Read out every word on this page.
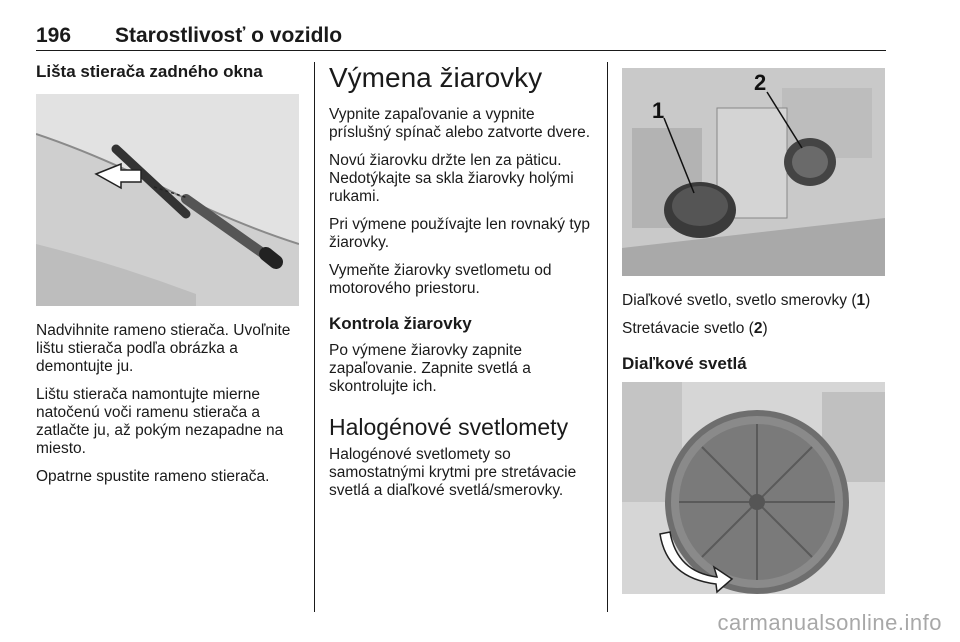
196 Starostlivosť o vozidlo
Lišta stierača zadného okna

Nadvihnite rameno stierača. Uvoľnite lištu stierača podľa obrázka a demontujte ju.

Lištu stierača namontujte mierne natočenú voči ramenu stierača a zatlačte ju, až pokým nezapadne na miesto.

Opatrne spustite rameno stierača.

Výmena žiarovky

Vypnite zapaľovanie a vypnite príslušný spínač alebo zatvorte dvere.

Novú žiarovku držte len za päticu. Nedotýkajte sa skla žiarovky holými rukami.

Pri výmene používajte len rovnaký typ žiarovky.

Vymeňte žiarovky svetlometu od motorového priestoru.

Kontrola žiarovky

Po výmene žiarovky zapnite zapaľovanie. Zapnite svetlá a skontrolujte ich.

Halogénové svetlomety

Halogénové svetlomety so samostatnými krytmi pre stretávacie svetlá a diaľkové svetlá/smerovky.

1
2

Diaľkové svetlo, svetlo smerovky (1)

Stretávacie svetlo (2)

Diaľkové svetlá
carmanualsonline.info
